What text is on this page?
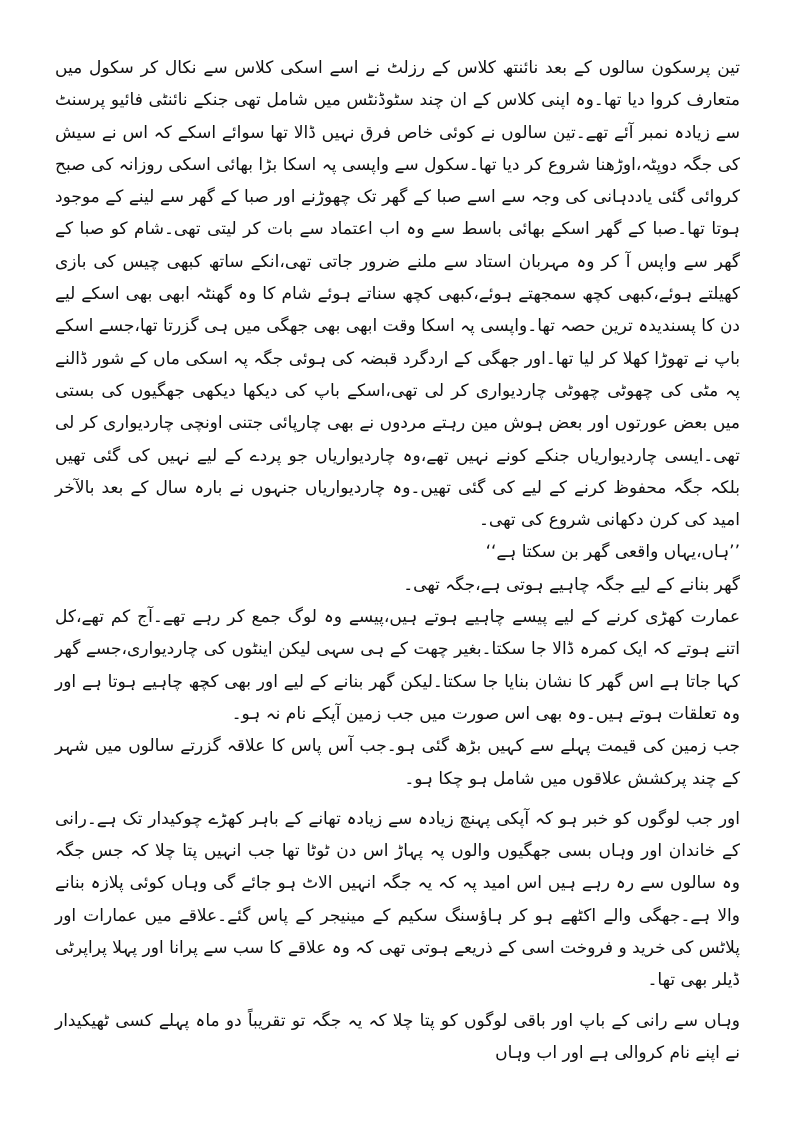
تین پرسکون سالوں کے بعد نائنتھ کلاس کے رزلٹ نے اسے اسکی کلاس سے نکال کر سکول میں متعارف کروا دیا تھا۔وہ اپنی کلاس کے ان چند سٹوڈنٹس میں شامل تھی جنکے نائنٹی فائیو پرسنٹ سے زیادہ نمبر آئے تھے۔تین سالوں نے کوئی خاص فرق نہیں ڈالا تھا سوائے اسکے کہ اس نے سیش کی جگہ دوپٹہ،اوڑھنا شروع کر دیا تھا۔سکول سے واپسی پہ اسکا بڑا بھائی اسکی روزانہ کی صبح کروائی گئی یاددہانی کی وجہ سے اسے صبا کے گھر تک چھوڑنے اور صبا کے گھر سے لینے کے موجود ہوتا تھا۔صبا کے گھر اسکے بھائی باسط سے وہ اب اعتماد سے بات کر لیتی تھی۔شام کو صبا کے گھر سے واپس آ کر وہ مہربان استاد سے ملنے ضرور جاتی تھی،انکے ساتھ کبھی چیس کی بازی کھیلتے ہوئے،کبھی کچھ سمجھتے ہوئے،کبھی کچھ سناتے ہوئے شام کا وہ گھنٹہ ابھی بھی اسکے لیے دن کا پسندیدہ ترین حصہ تھا۔واپسی پہ اسکا وقت ابھی بھی جھگی میں ہی گزرتا تھا،جسے اسکے باپ نے تھوڑا کھلا کر لیا تھا۔اور جھگی کے اردگرد قبضہ کی ہوئی جگہ پہ اسکی ماں کے شور ڈالنے پہ مٹی کی چھوٹی چھوٹی چاردیواری کر لی تھی،اسکے باپ کی دیکھا دیکھی جھگیوں کی بستی میں بعض عورتوں اور بعض ہوش مین رہتے مردوں نے بھی چارپائی جتنی اونچی چاردیواری کر لی تھی۔ایسی چاردیواریاں جنکے کونے نہیں تھے،وہ چاردیواریاں جو پردے کے لیے نہیں کی گئی تھیں بلکہ جگہ محفوظ کرنے کے لیے کی گئی تھیں۔وہ چاردیواریاں جنہوں نے بارہ سال کے بعد بالآخر امید کی کرن دکھانی شروع کی تھی۔

’’ہاں،یہاں واقعی گھر بن سکتا ہے‘‘

گھر بنانے کے لیے جگہ چاہیے ہوتی ہے،جگہ تھی۔

عمارت کھڑی کرنے کے لیے پیسے چاہیے ہوتے ہیں،پیسے وہ لوگ جمع کر رہے تھے۔آج کم تھے،کل اتنے ہوتے کہ ایک کمرہ ڈالا جا سکتا۔بغیر چھت کے ہی سہی لیکن اینٹوں کی چاردیواری،جسے گھر کہا جاتا ہے اس گھر کا نشان بنایا جا سکتا۔لیکن گھر بنانے کے لیے اور بھی کچھ چاہیے ہوتا ہے اور وہ تعلقات ہوتے ہیں۔وہ بھی اس صورت میں جب زمین آپکے نام نہ ہو۔

جب زمین کی قیمت پہلے سے کہیں بڑھ گئی ہو۔جب آس پاس کا علاقہ گزرتے سالوں میں شہر کے چند پرکشش علاقوں میں شامل ہو چکا ہو۔

اور جب لوگوں کو خبر ہو کہ آپکی پہنچ زیادہ سے زیادہ تھانے کے باہر کھڑے چوکیدار تک ہے۔رانی کے خاندان اور وہاں بسی جھگیوں والوں پہ پہاڑ اس دن ٹوٹا تھا جب انہیں پتا چلا کہ جس جگہ وہ سالوں سے رہ رہے ہیں اس امید پہ کہ یہ جگہ انہیں الاٹ ہو جائے گی وہاں کوئی پلازہ بنانے والا ہے۔جھگی والے اکٹھے ہو کر ہاؤسنگ سکیم کے مینیجر کے پاس گئے۔علاقے میں عمارات اور پلاٹس کی خرید و فروخت اسی کے ذریعے ہوتی تھی کہ وہ علاقے کا سب سے پرانا اور پہلا پراپرٹی ڈیلر بھی تھا۔

وہاں سے رانی کے باپ اور باقی لوگوں کو پتا چلا کہ یہ جگہ تو تقریباً دو ماہ پہلے کسی ٹھیکیدار نے اپنے نام کروالی ہے اور اب وہاں
